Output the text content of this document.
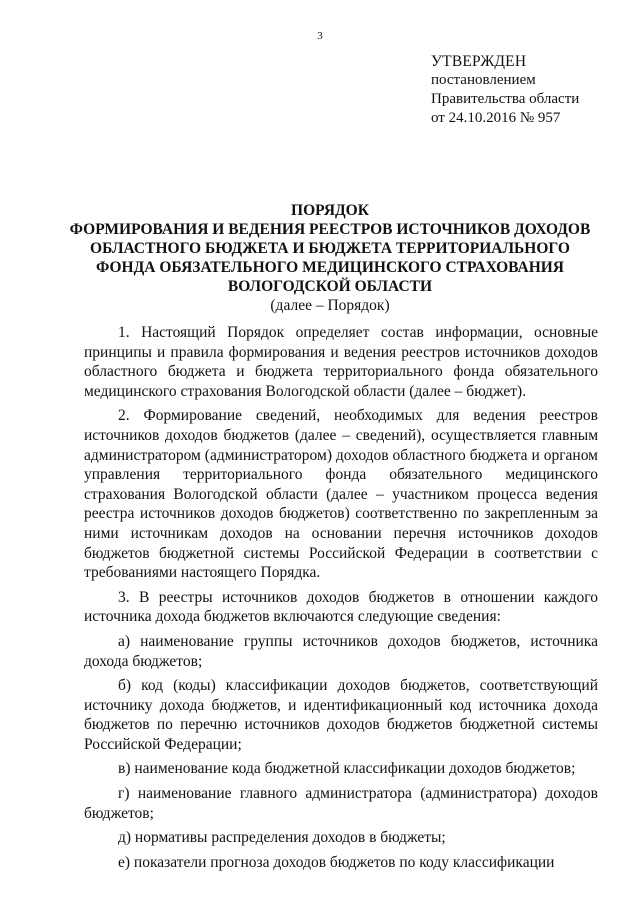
3
УТВЕРЖДЕН
постановлением
Правительства области
от 24.10.2016 № 957
ПОРЯДОК
ФОРМИРОВАНИЯ И ВЕДЕНИЯ РЕЕСТРОВ ИСТОЧНИКОВ ДОХОДОВ
ОБЛАСТНОГО БЮДЖЕТА И БЮДЖЕТА ТЕРРИТОРИАЛЬНОГО
ФОНДА ОБЯЗАТЕЛЬНОГО МЕДИЦИНСКОГО СТРАХОВАНИЯ
ВОЛОГОДСКОЙ ОБЛАСТИ
(далее – Порядок)

1. Настоящий Порядок определяет состав информации, основные принципы и правила формирования и ведения реестров источников доходов областного бюджета и бюджета территориального фонда обязательного медицинского страхования Вологодской области (далее – бюджет).

2. Формирование сведений, необходимых для ведения реестров источников доходов бюджетов (далее – сведений), осуществляется главным администратором (администратором) доходов областного бюджета и органом управления территориального фонда обязательного медицинского страхования Вологодской области (далее – участником процесса ведения реестра источников доходов бюджетов) соответственно по закрепленным за ними источникам доходов на основании перечня источников доходов бюджетов бюджетной системы Российской Федерации в соответствии с требованиями настоящего Порядка.

3. В реестры источников доходов бюджетов в отношении каждого источника дохода бюджетов включаются следующие сведения:

а) наименование группы источников доходов бюджетов, источника дохода бюджетов;

б) код (коды) классификации доходов бюджетов, соответствующий источнику дохода бюджетов, и идентификационный код источника дохода бюджетов по перечню источников доходов бюджетов бюджетной системы Российской Федерации;

в) наименование кода бюджетной классификации доходов бюджетов;

г) наименование главного администратора (администратора) доходов бюджетов;

д) нормативы распределения доходов в бюджеты;

е) показатели прогноза доходов бюджетов по коду классификации
